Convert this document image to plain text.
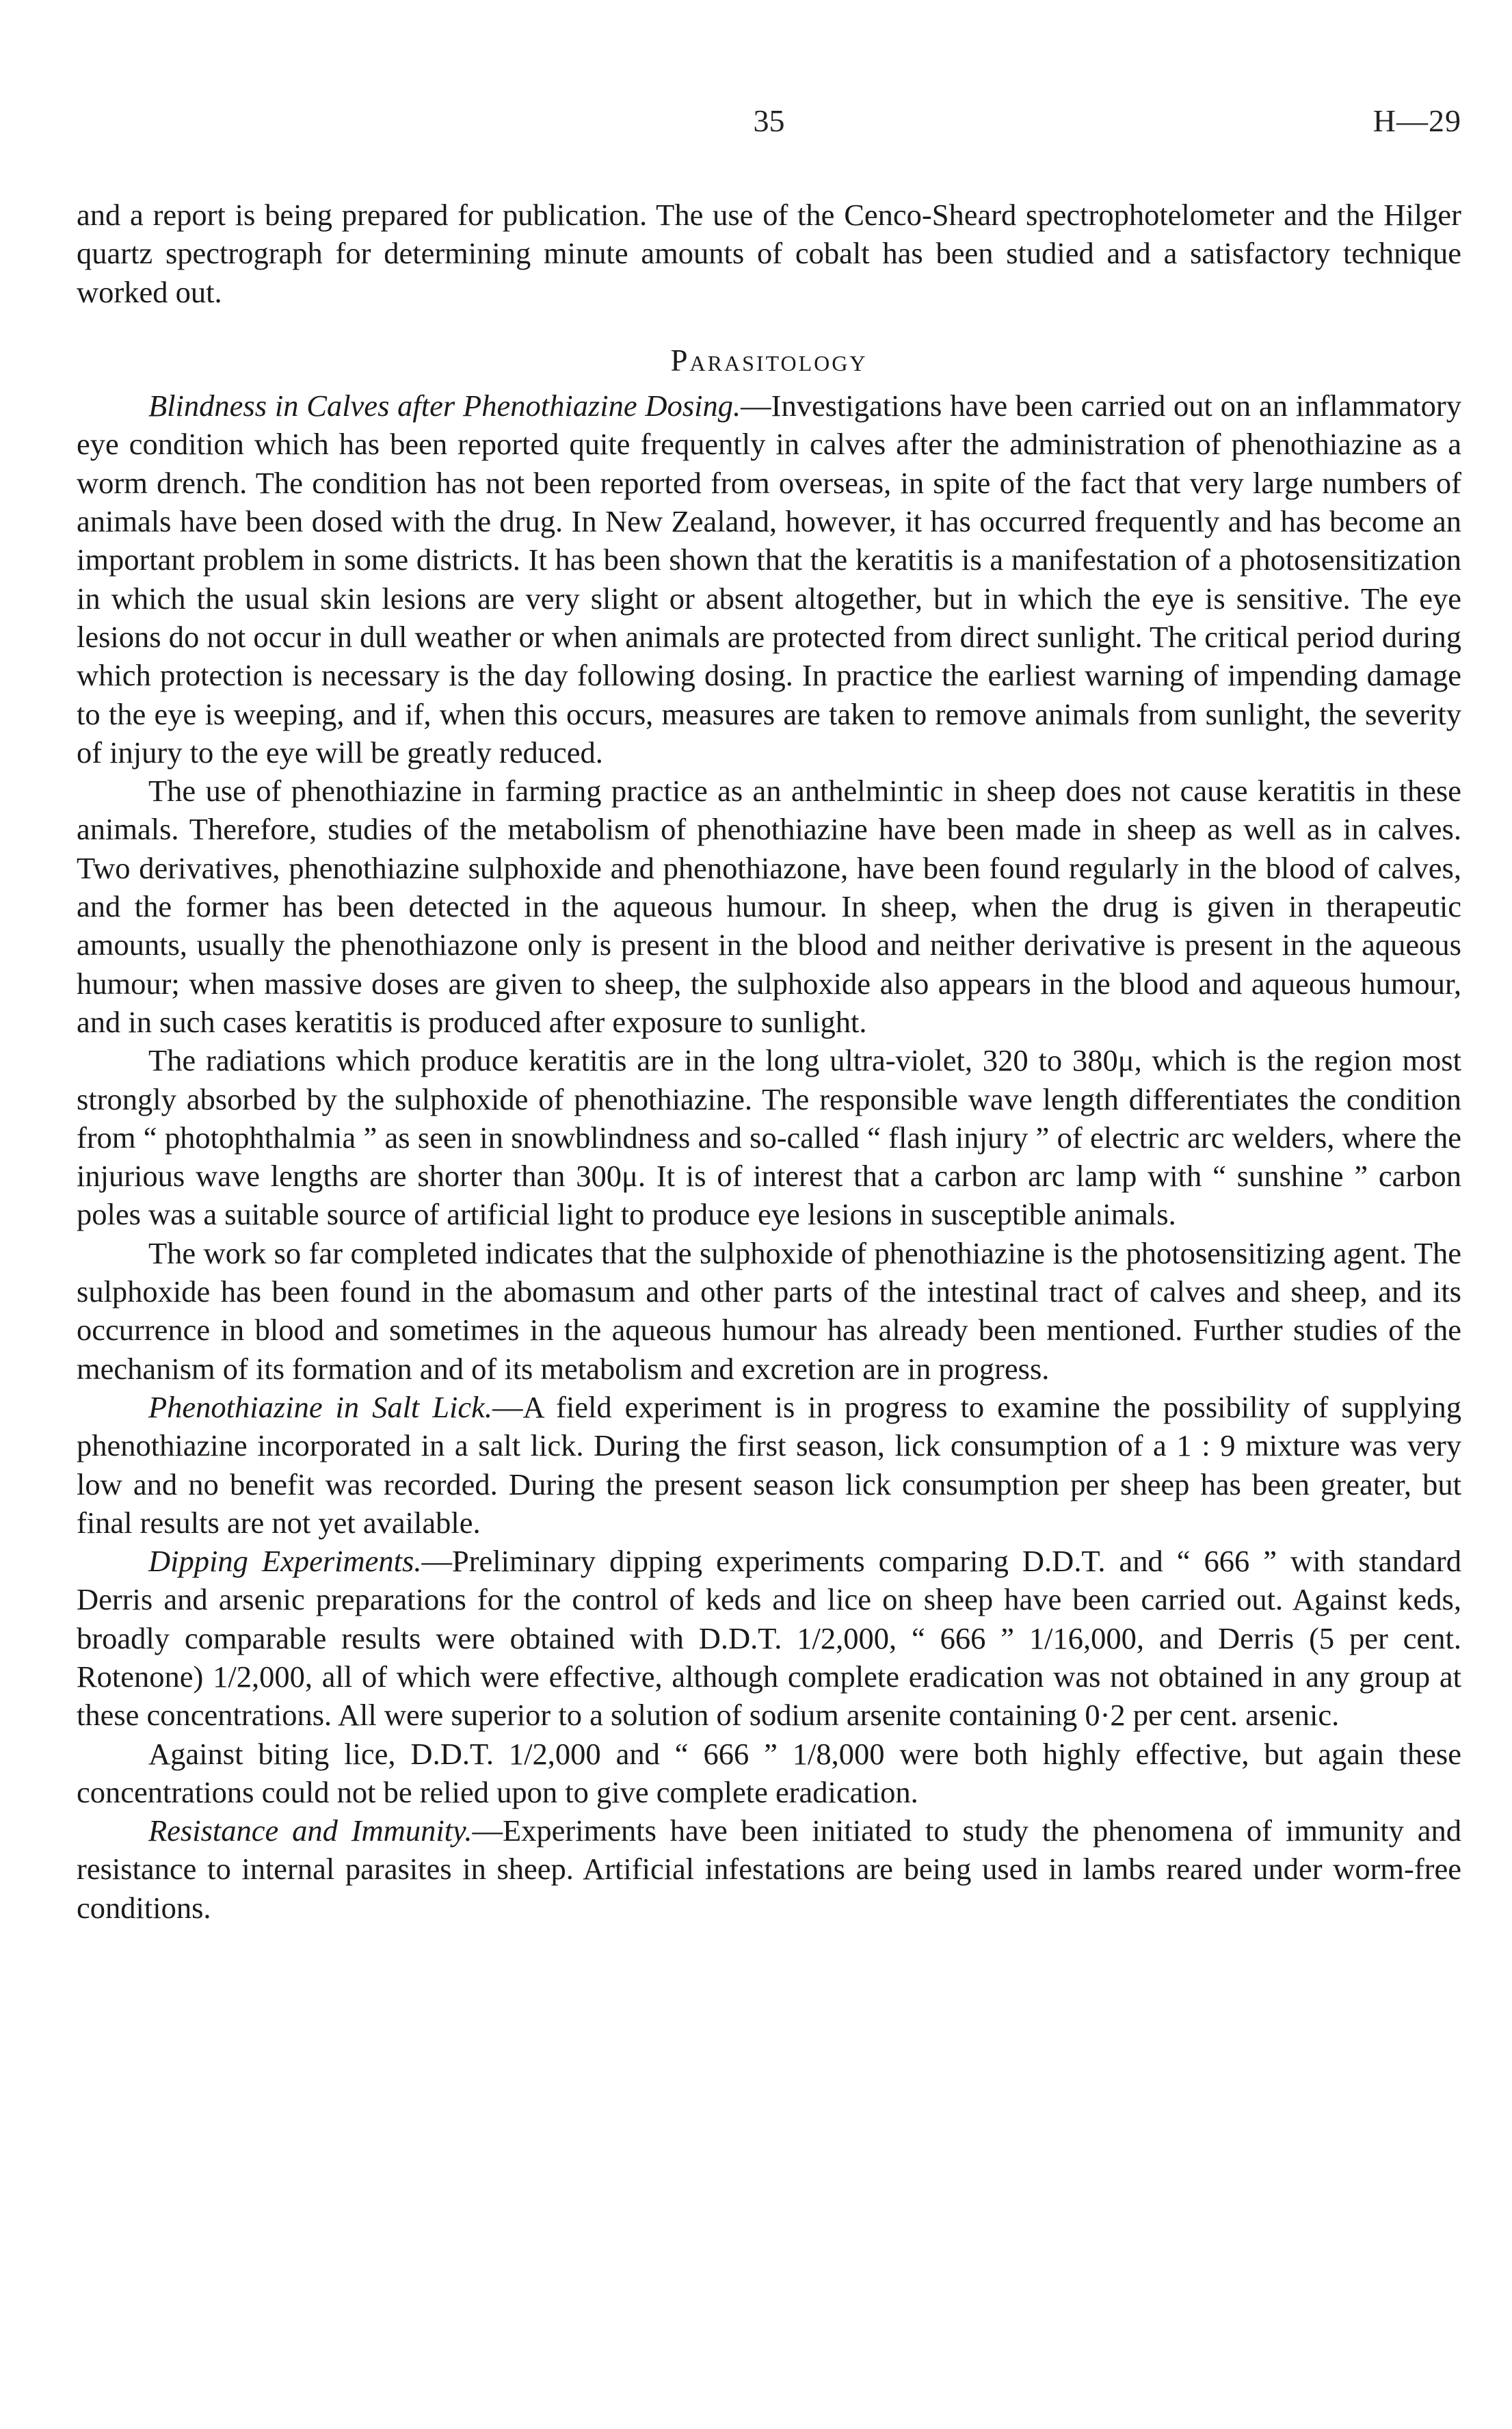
35	H—29

and a report is being prepared for publication. The use of the Cenco-Sheard spectrophotelometer and the Hilger quartz spectrograph for determining minute amounts of cobalt has been studied and a satisfactory technique worked out.

Parasitology

Blindness in Calves after Phenothiazine Dosing.—Investigations have been carried out on an inflammatory eye condition which has been reported quite frequently in calves after the administration of phenothiazine as a worm drench. The condition has not been reported from overseas, in spite of the fact that very large numbers of animals have been dosed with the drug. In New Zealand, however, it has occurred frequently and has become an important problem in some districts. It has been shown that the keratitis is a manifestation of a photosensitization in which the usual skin lesions are very slight or absent altogether, but in which the eye is sensitive. The eye lesions do not occur in dull weather or when animals are protected from direct sunlight. The critical period during which protection is necessary is the day following dosing. In practice the earliest warning of impending damage to the eye is weeping, and if, when this occurs, measures are taken to remove animals from sunlight, the severity of injury to the eye will be greatly reduced.

The use of phenothiazine in farming practice as an anthelmintic in sheep does not cause keratitis in these animals. Therefore, studies of the metabolism of phenothiazine have been made in sheep as well as in calves. Two derivatives, phenothiazine sulphoxide and phenothiazone, have been found regularly in the blood of calves, and the former has been detected in the aqueous humour. In sheep, when the drug is given in therapeutic amounts, usually the phenothiazone only is present in the blood and neither derivative is present in the aqueous humour; when massive doses are given to sheep, the sulphoxide also appears in the blood and aqueous humour, and in such cases keratitis is produced after exposure to sunlight.

The radiations which produce keratitis are in the long ultra-violet, 320 to 380μ, which is the region most strongly absorbed by the sulphoxide of phenothiazine. The responsible wave length differentiates the condition from “ photophthalmia ” as seen in snowblindness and so-called “ flash injury ” of electric arc welders, where the injurious wave lengths are shorter than 300μ. It is of interest that a carbon arc lamp with “ sunshine ” carbon poles was a suitable source of artificial light to produce eye lesions in susceptible animals.

The work so far completed indicates that the sulphoxide of phenothiazine is the photosensitizing agent. The sulphoxide has been found in the abomasum and other parts of the intestinal tract of calves and sheep, and its occurrence in blood and sometimes in the aqueous humour has already been mentioned. Further studies of the mechanism of its formation and of its metabolism and excretion are in progress.

Phenothiazine in Salt Lick.—A field experiment is in progress to examine the possibility of supplying phenothiazine incorporated in a salt lick. During the first season, lick consumption of a 1 : 9 mixture was very low and no benefit was recorded. During the present season lick consumption per sheep has been greater, but final results are not yet available.

Dipping Experiments.—Preliminary dipping experiments comparing D.D.T. and “ 666 ” with standard Derris and arsenic preparations for the control of keds and lice on sheep have been carried out. Against keds, broadly comparable results were obtained with D.D.T. 1/2,000, “ 666 ” 1/16,000, and Derris (5 per cent. Rotenone) 1/2,000, all of which were effective, although complete eradication was not obtained in any group at these concentrations. All were superior to a solution of sodium arsenite containing 0·2 per cent. arsenic.

Against biting lice, D.D.T. 1/2,000 and “ 666 ” 1/8,000 were both highly effective, but again these concentrations could not be relied upon to give complete eradication.

Resistance and Immunity.—Experiments have been initiated to study the phenomena of immunity and resistance to internal parasites in sheep. Artificial infestations are being used in lambs reared under worm-free conditions.
